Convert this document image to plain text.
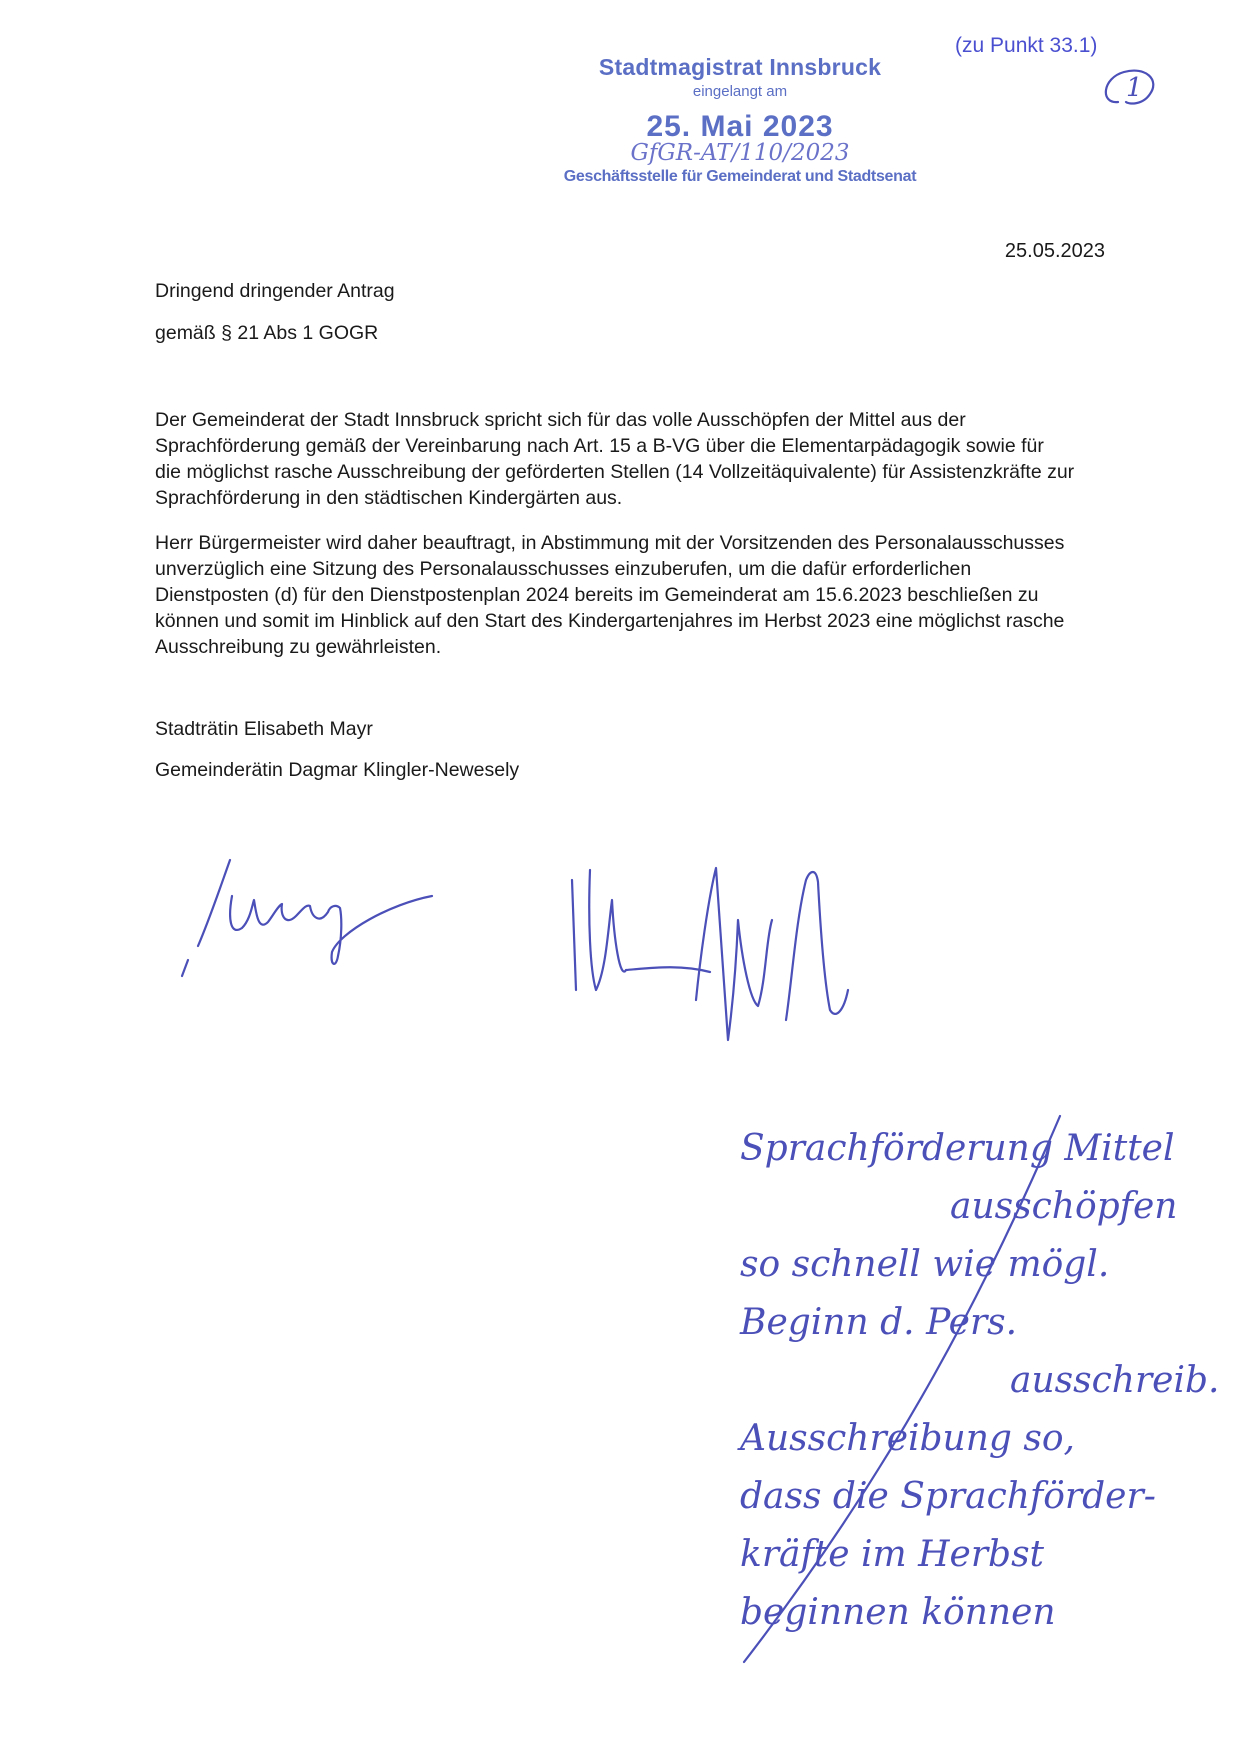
(zu Punkt 33.1)
1
Stadtmagistrat Innsbruck
eingelangt am
25. Mai 2023
GfGR-AT/110/2023
Geschäftsstelle für Gemeinderat und Stadtsenat
25.05.2023
Dringend dringender Antrag
gemäß § 21 Abs 1 GOGR
Der Gemeinderat der Stadt Innsbruck spricht sich für das volle Ausschöpfen der Mittel aus der Sprachförderung gemäß der Vereinbarung nach Art. 15 a B-VG über die Elementarpädagogik sowie für die möglichst rasche Ausschreibung der geförderten Stellen (14 Vollzeitäquivalente) für Assistenzkräfte zur Sprachförderung in den städtischen Kindergärten aus.
Herr Bürgermeister wird daher beauftragt, in Abstimmung mit der Vorsitzenden des Personalausschusses unverzüglich eine Sitzung des Personalausschusses einzuberufen, um die dafür erforderlichen Dienstposten (d) für den Dienstpostenplan 2024 bereits im Gemeinderat am 15.6.2023 beschließen zu können und somit im Hinblick auf den Start des Kindergartenjahres im Herbst 2023 eine möglichst rasche Ausschreibung zu gewährleisten.
Stadträtin Elisabeth Mayr
Gemeinderätin Dagmar Klingler-Newesely
Sprachförderung Mittel
ausschöpfen
so schnell wie mögl.
Beginn d. Pers.
ausschreib.
Ausschreibung so,
dass die Sprachförder-
kräfte im Herbst
beginnen können
